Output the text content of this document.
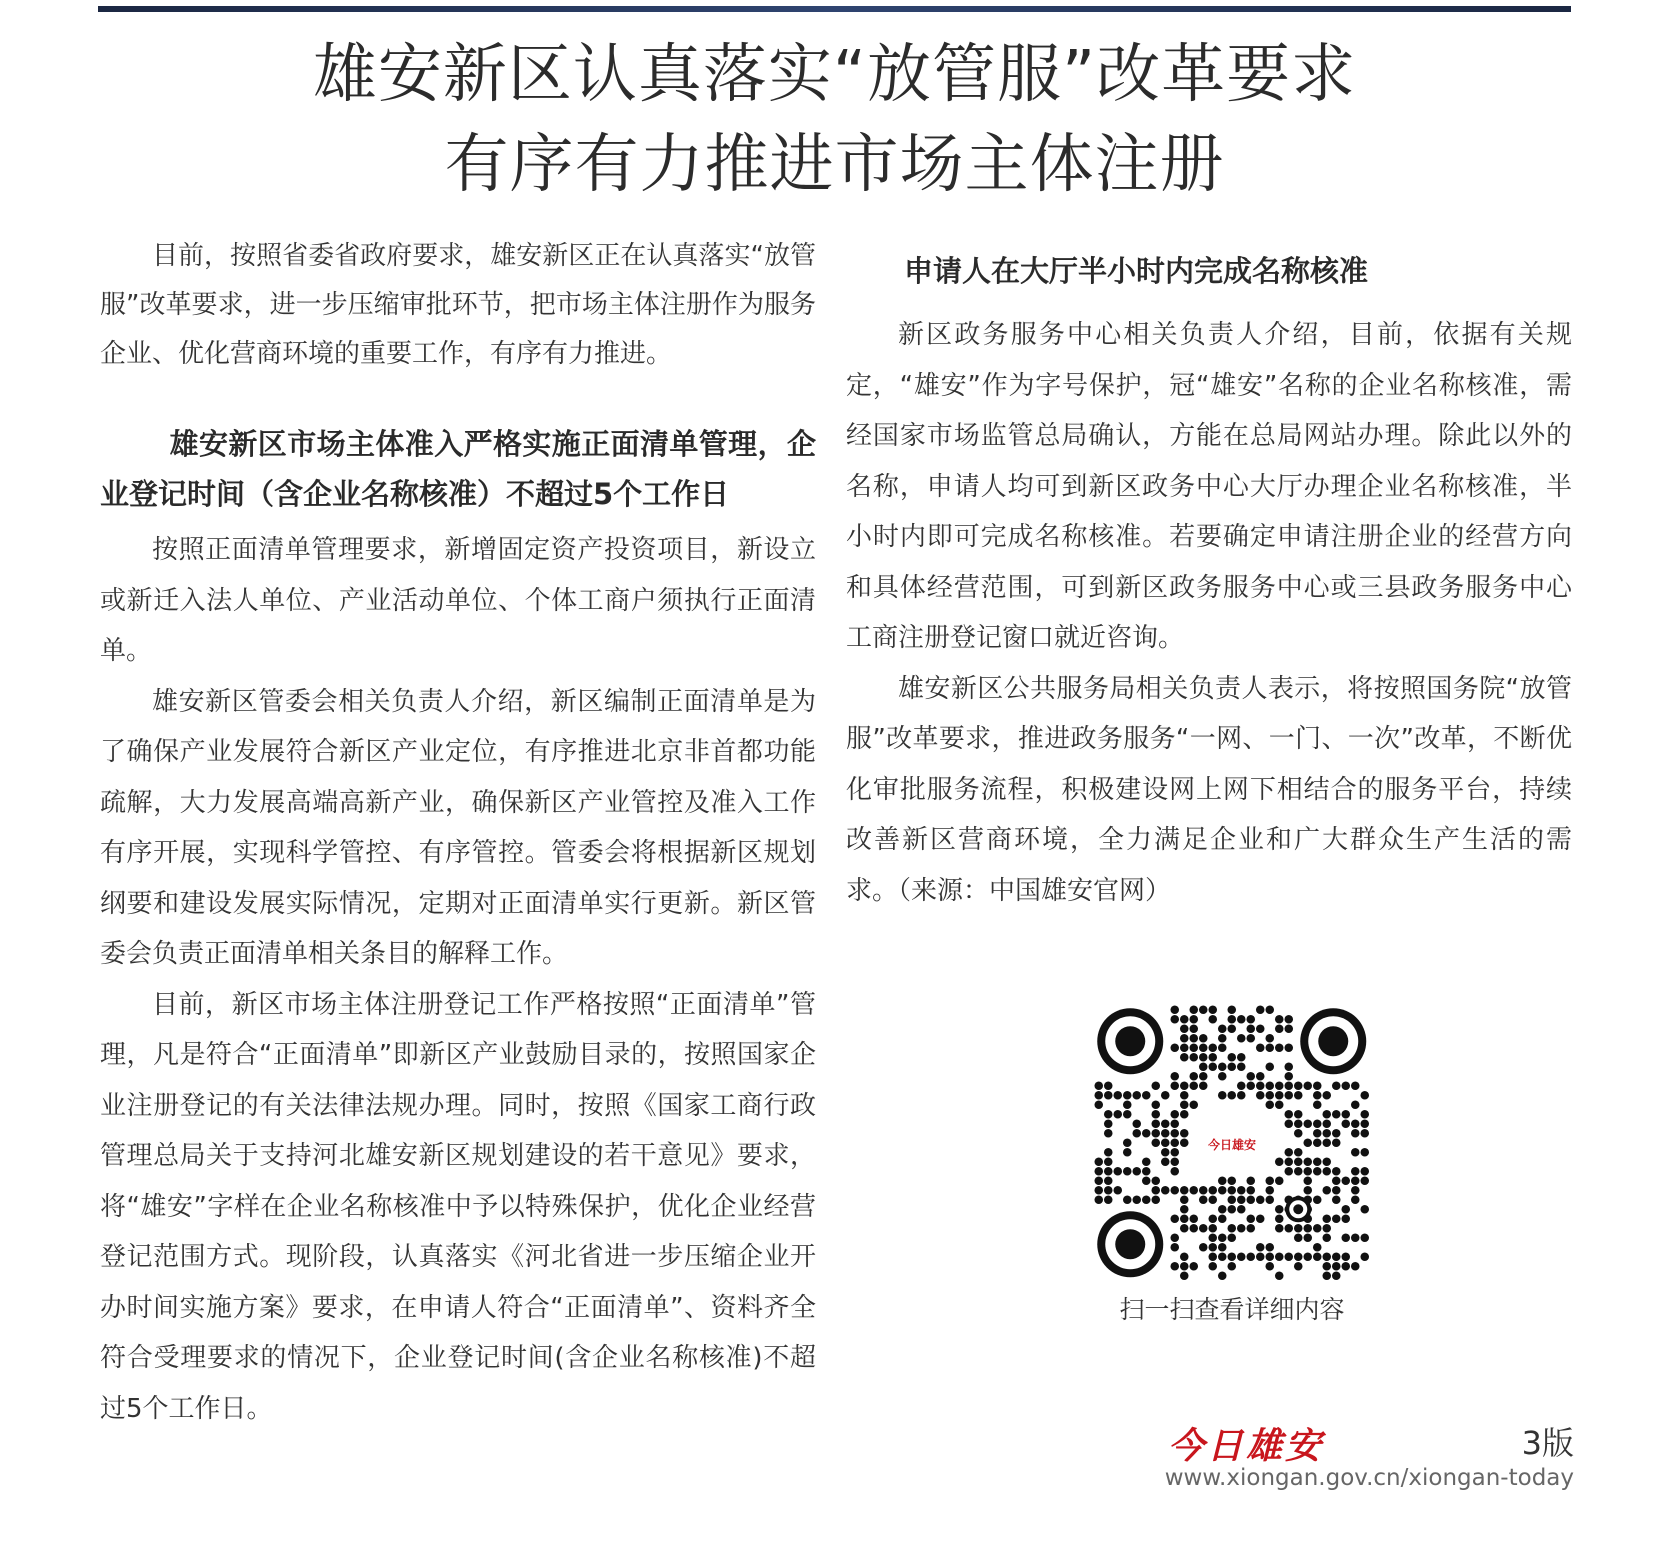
雄安新区认真落实“放管服”改革要求
有序有力推进市场主体注册

目前，按照省委省政府要求，雄安新区正在认真落实“放管服”改革要求，进一步压缩审批环节，把市场主体注册作为服务企业、优化营商环境的重要工作，有序有力推进。

雄安新区市场主体准入严格实施正面清单管理，企业登记时间（含企业名称核准）不超过5个工作日

按照正面清单管理要求，新增固定资产投资项目，新设立或新迁入法人单位、产业活动单位、个体工商户须执行正面清单。

雄安新区管委会相关负责人介绍，新区编制正面清单是为了确保产业发展符合新区产业定位，有序推进北京非首都功能疏解，大力发展高端高新产业，确保新区产业管控及准入工作有序开展，实现科学管控、有序管控。管委会将根据新区规划纲要和建设发展实际情况，定期对正面清单实行更新。新区管委会负责正面清单相关条目的解释工作。

目前，新区市场主体注册登记工作严格按照“正面清单”管理，凡是符合“正面清单”即新区产业鼓励目录的，按照国家企业注册登记的有关法律法规办理。同时，按照《国家工商行政管理总局关于支持河北雄安新区规划建设的若干意见》要求，将“雄安”字样在企业名称核准中予以特殊保护，优化企业经营登记范围方式。现阶段，认真落实《河北省进一步压缩企业开办时间实施方案》要求，在申请人符合“正面清单”、资料齐全符合受理要求的情况下，企业登记时间(含企业名称核准)不超过5个工作日。

申请人在大厅半小时内完成名称核准

新区政务服务中心相关负责人介绍，目前，依据有关规定，“雄安”作为字号保护，冠“雄安”名称的企业名称核准，需经国家市场监管总局确认，方能在总局网站办理。除此以外的名称，申请人均可到新区政务中心大厅办理企业名称核准，半小时内即可完成名称核准。若要确定申请注册企业的经营方向和具体经营范围，可到新区政务服务中心或三县政务服务中心工商注册登记窗口就近咨询。

雄安新区公共服务局相关负责人表示，将按照国务院“放管服”改革要求，推进政务服务“一网、一门、一次”改革，不断优化审批服务流程，积极建设网上网下相结合的服务平台，持续改善新区营商环境，全力满足企业和广大群众生产生活的需求。（来源：中国雄安官网）

今日雄安

扫一扫查看详细内容

今日雄安	3版

www.xiongan.gov.cn/xiongan-today
